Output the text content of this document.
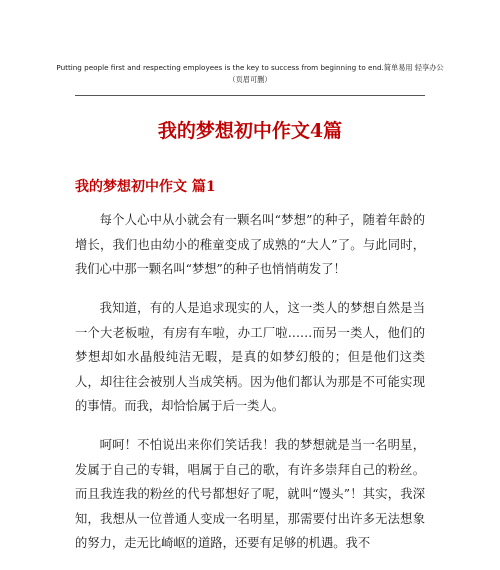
Putting people first and respecting employees is the key to success from beginning to end.简单易用 轻享办公
（页眉可删）
我的梦想初中作文4篇
我的梦想初中作文 篇1

每个人心中从小就会有一颗名叫“梦想”的种子，随着年龄的增长，我们也由幼小的稚童变成了成熟的“大人”了。与此同时，我们心中那一颗名叫“梦想”的种子也悄悄萌发了！

我知道，有的人是追求现实的人，这一类人的梦想自然是当一个大老板啦，有房有车啦，办工厂啦……而另一类人，他们的梦想却如水晶般纯洁无暇，是真的如梦幻般的；但是他们这类人，却往往会被别人当成笑柄。因为他们都认为那是不可能实现的事情。而我，却恰恰属于后一类人。

呵呵！不怕说出来你们笑话我！我的梦想就是当一名明星，发属于自己的专辑，唱属于自己的歌，有许多崇拜自己的粉丝。而且我连我的粉丝的代号都想好了呢，就叫“馒头”！其实，我深知，我想从一位普通人变成一名明星，那需要付出许多无法想象的努力，走无比崎岖的道路，还要有足够的机遇。我不
